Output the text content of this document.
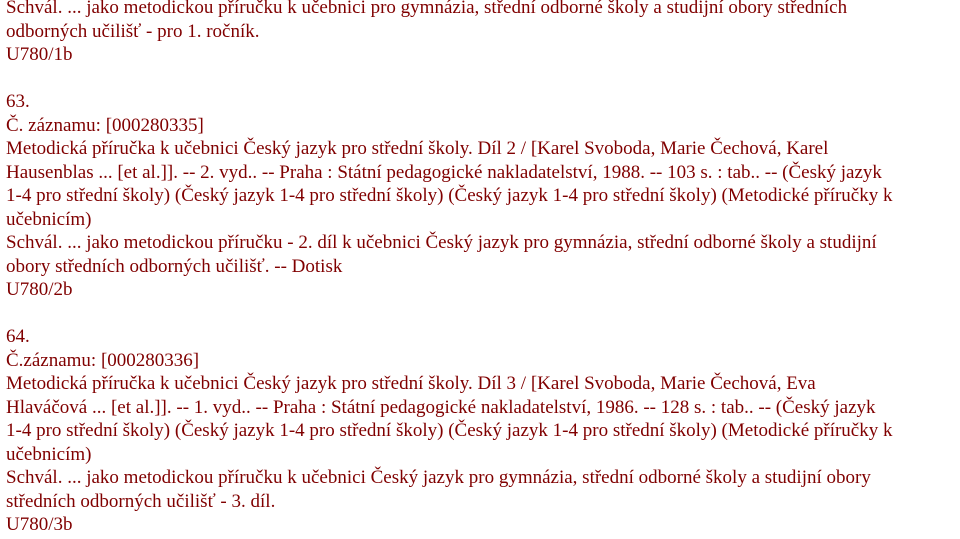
Schvál. ... jako metodickou příručku k učebnici pro gymnázia, střední odborné školy a studijní obory středních
odborných učilišť - pro 1. ročník.
U780/1b
63.
Č. záznamu: [000280335]
Metodická příručka k učebnici Český jazyk pro střední školy. Díl 2 / [Karel Svoboda, Marie Čechová, Karel
Hausenblas ... [et al.]]. -- 2. vyd.. -- Praha : Státní pedagogické nakladatelství, 1988. -- 103 s. : tab.. -- (Český jazyk
1-4 pro střední školy) (Český jazyk 1-4 pro střední školy) (Český jazyk 1-4 pro střední školy) (Metodické příručky k
učebnicím)
Schvál. ... jako metodickou příručku - 2. díl k učebnici Český jazyk pro gymnázia, střední odborné školy a studijní
obory středních odborných učilišť. -- Dotisk
U780/2b
64.
Č.záznamu: [000280336]
Metodická příručka k učebnici Český jazyk pro střední školy. Díl 3 / [Karel Svoboda, Marie Čechová, Eva
Hlaváčová ... [et al.]]. -- 1. vyd.. -- Praha : Státní pedagogické nakladatelství, 1986. -- 128 s. : tab.. -- (Český jazyk
1-4 pro střední školy) (Český jazyk 1-4 pro střední školy) (Český jazyk 1-4 pro střední školy) (Metodické příručky k
učebnicím)
Schvál. ... jako metodickou příručku k učebnici Český jazyk pro gymnázia, střední odborné školy a studijní obory
středních odborných učilišť - 3. díl.
U780/3b
